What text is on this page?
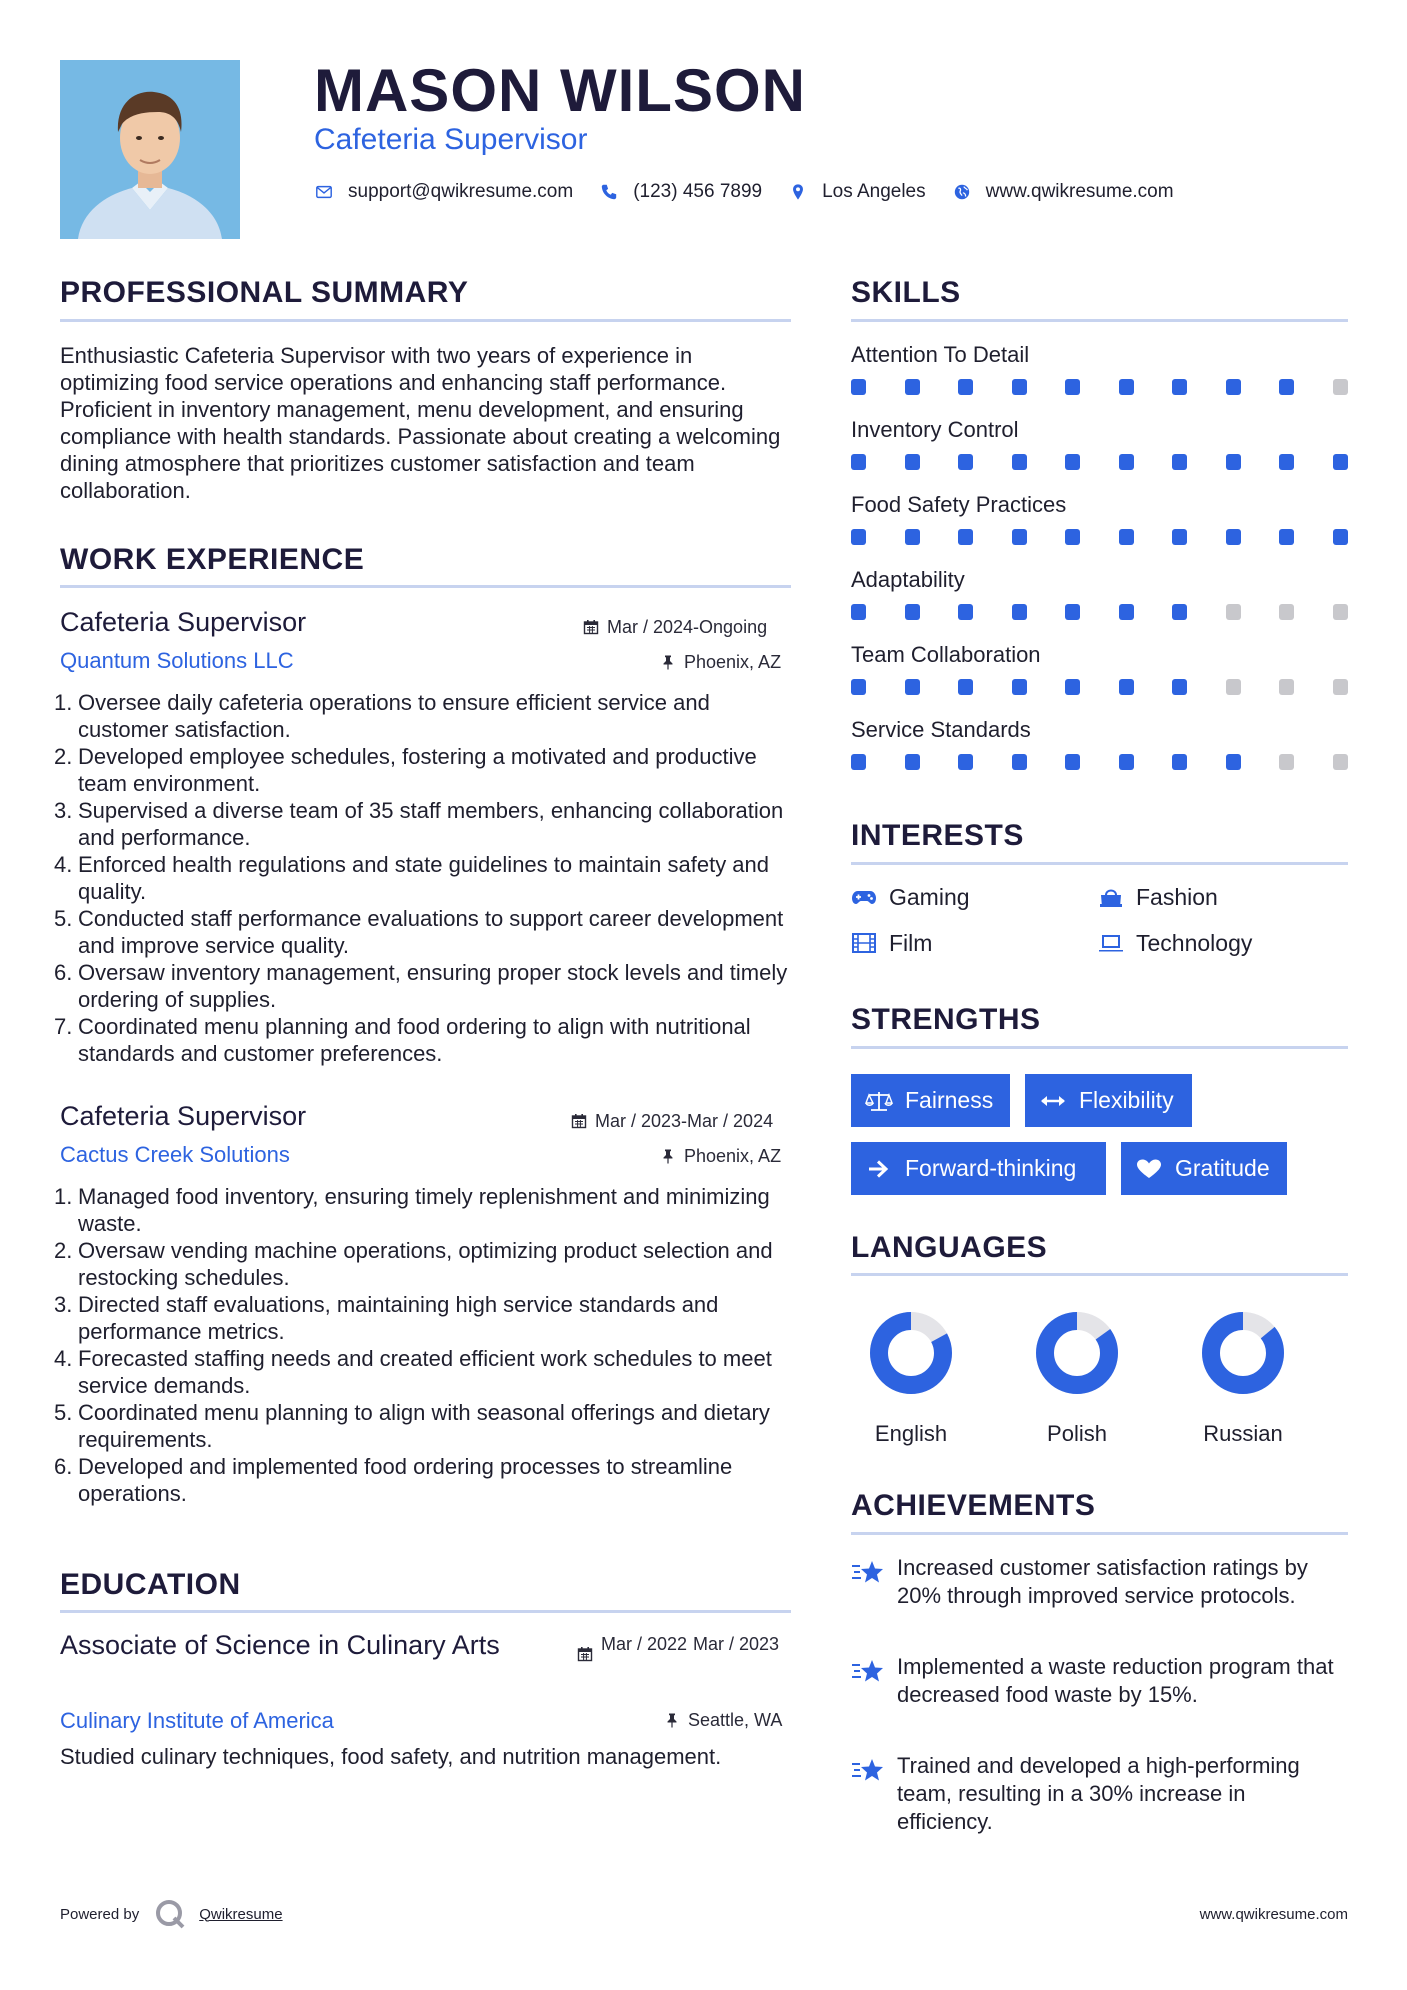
MASON WILSON
Cafeteria Supervisor
support@qwikresume.com	(123) 456 7899	Los Angeles	www.qwikresume.com
PROFESSIONAL SUMMARY
Enthusiastic Cafeteria Supervisor with two years of experience in optimizing food service operations and enhancing staff performance. Proficient in inventory management, menu development, and ensuring compliance with health standards. Passionate about creating a welcoming dining atmosphere that prioritizes customer satisfaction and team collaboration.
WORK EXPERIENCE
Cafeteria Supervisor	Mar / 2024-Ongoing
Quantum Solutions LLC	Phoenix, AZ
1. Oversee daily cafeteria operations to ensure efficient service and customer satisfaction.
2. Developed employee schedules, fostering a motivated and productive team environment.
3. Supervised a diverse team of 35 staff members, enhancing collaboration and performance.
4. Enforced health regulations and state guidelines to maintain safety and quality.
5. Conducted staff performance evaluations to support career development and improve service quality.
6. Oversaw inventory management, ensuring proper stock levels and timely ordering of supplies.
7. Coordinated menu planning and food ordering to align with nutritional standards and customer preferences.
Cafeteria Supervisor	Mar / 2023-Mar / 2024
Cactus Creek Solutions	Phoenix, AZ
1. Managed food inventory, ensuring timely replenishment and minimizing waste.
2. Oversaw vending machine operations, optimizing product selection and restocking schedules.
3. Directed staff evaluations, maintaining high service standards and performance metrics.
4. Forecasted staffing needs and created efficient work schedules to meet service demands.
5. Coordinated menu planning to align with seasonal offerings and dietary requirements.
6. Developed and implemented food ordering processes to streamline operations.
EDUCATION
Associate of Science in Culinary Arts	Mar / 2022 Mar / 2023
Culinary Institute of America	Seattle, WA
Studied culinary techniques, food safety, and nutrition management.
SKILLS
Attention To Detail
Inventory Control
Food Safety Practices
Adaptability
Team Collaboration
Service Standards
INTERESTS
Gaming	Fashion
Film	Technology
STRENGTHS
Fairness	Flexibility
Forward-thinking	Gratitude
LANGUAGES
English	Polish	Russian
ACHIEVEMENTS
Increased customer satisfaction ratings by 20% through improved service protocols.
Implemented a waste reduction program that decreased food waste by 15%.
Trained and developed a high-performing team, resulting in a 30% increase in efficiency.
Powered by	Qwikresume	www.qwikresume.com
